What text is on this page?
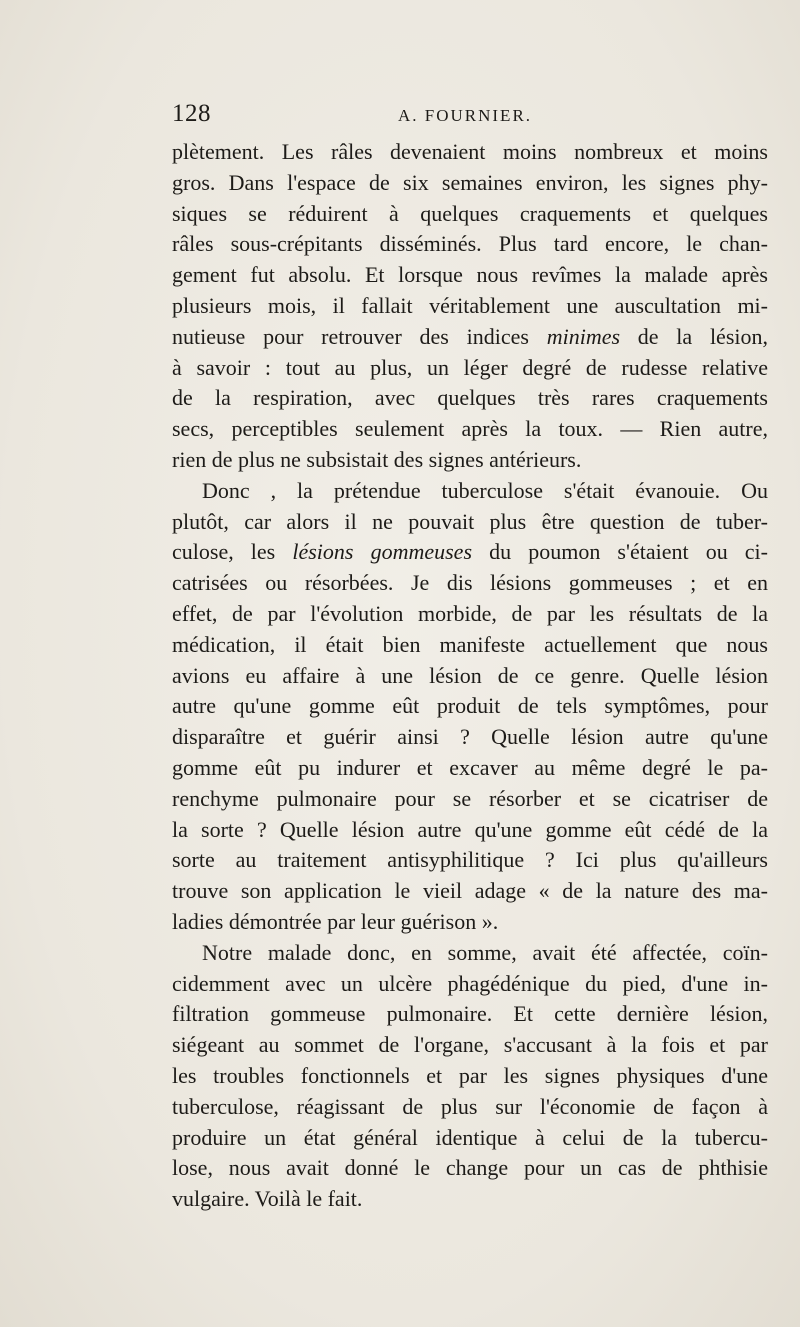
128	A. FOURNIER.
plètement. Les râles devenaient moins nombreux et moins
gros. Dans l'espace de six semaines environ, les signes phy-
siques se réduirent à quelques craquements et quelques
râles sous-crépitants disséminés. Plus tard encore, le chan-
gement fut absolu. Et lorsque nous revîmes la malade après
plusieurs mois, il fallait véritablement une auscultation mi-
nutieuse pour retrouver des indices minimes de la lésion,
à savoir : tout au plus, un léger degré de rudesse relative
de la respiration, avec quelques très rares craquements
secs, perceptibles seulement après la toux. — Rien autre,
rien de plus ne subsistait des signes antérieurs.
Donc , la prétendue tuberculose s'était évanouie. Ou
plutôt, car alors il ne pouvait plus être question de tuber-
culose, les lésions gommeuses du poumon s'étaient ou ci-
catrisées ou résorbées. Je dis lésions gommeuses ; et en
effet, de par l'évolution morbide, de par les résultats de la
médication, il était bien manifeste actuellement que nous
avions eu affaire à une lésion de ce genre. Quelle lésion
autre qu'une gomme eût produit de tels symptômes, pour
disparaître et guérir ainsi ? Quelle lésion autre qu'une
gomme eût pu indurer et excaver au même degré le pa-
renchyme pulmonaire pour se résorber et se cicatriser de
la sorte ? Quelle lésion autre qu'une gomme eût cédé de la
sorte au traitement antisyphilitique ? Ici plus qu'ailleurs
trouve son application le vieil adage « de la nature des ma-
ladies démontrée par leur guérison ».
Notre malade donc, en somme, avait été affectée, coïn-
cidemment avec un ulcère phagédénique du pied, d'une in-
filtration gommeuse pulmonaire. Et cette dernière lésion,
siégeant au sommet de l'organe, s'accusant à la fois et par
les troubles fonctionnels et par les signes physiques d'une
tuberculose, réagissant de plus sur l'économie de façon à
produire un état général identique à celui de la tubercu-
lose, nous avait donné le change pour un cas de phthisie
vulgaire. Voilà le fait.
